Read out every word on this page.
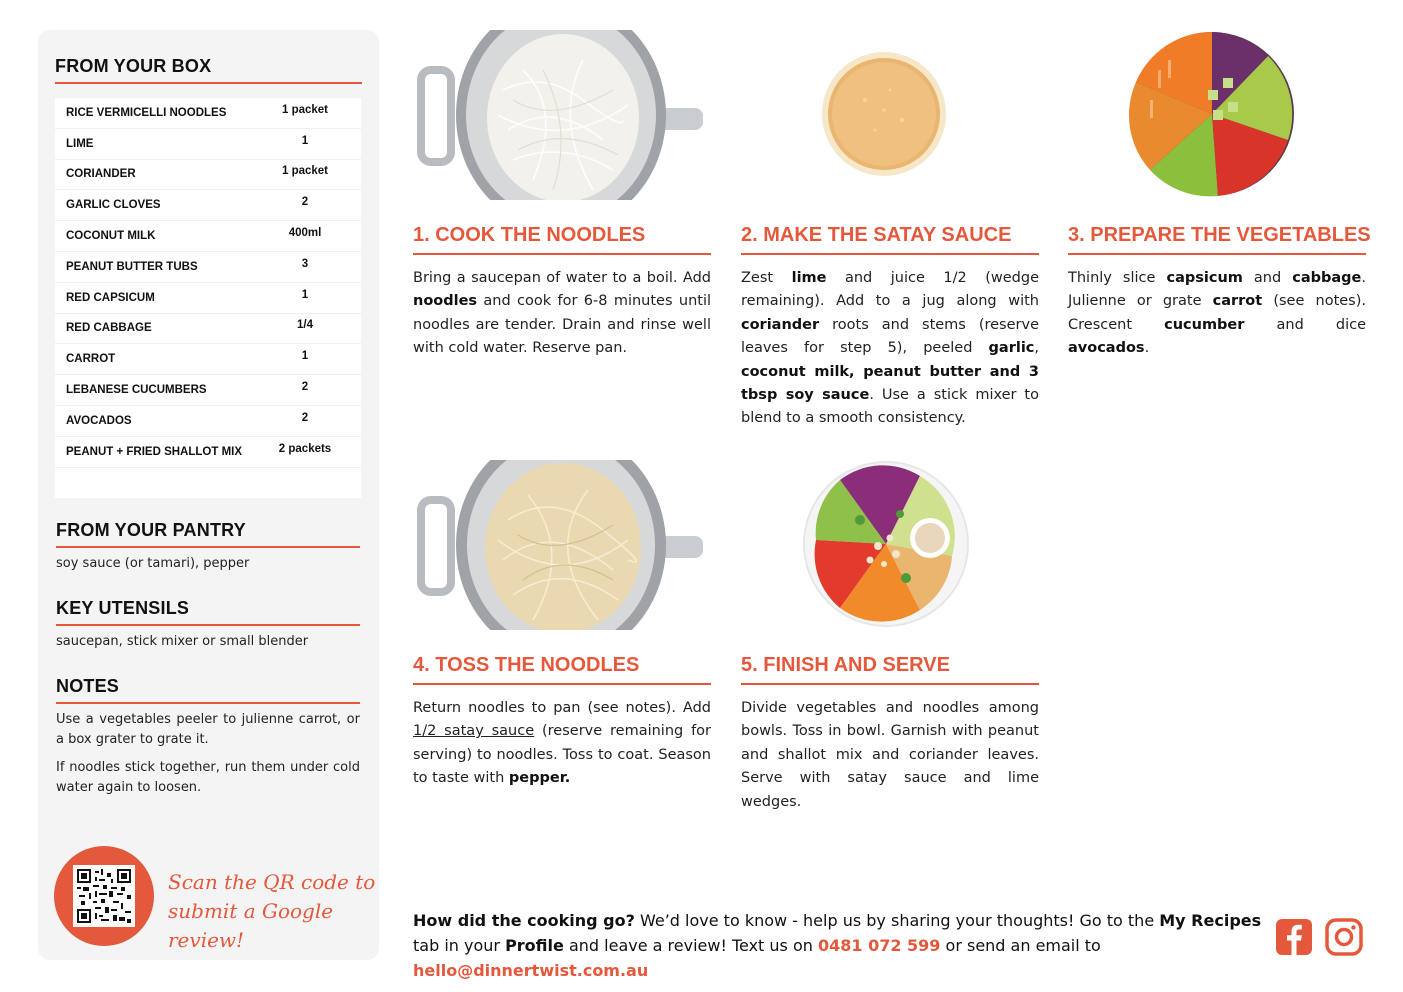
FROM YOUR BOX
RICE VERMICELLI NOODLES	1 packet
LIME	1
CORIANDER	1 packet
GARLIC CLOVES	2
COCONUT MILK	400ml
PEANUT BUTTER TUBS	3
RED CAPSICUM	1
RED CABBAGE	1/4
CARROT	1
LEBANESE CUCUMBERS	2
AVOCADOS	2
PEANUT + FRIED SHALLOT MIX	2 packets
FROM YOUR PANTRY
soy sauce (or tamari), pepper
KEY UTENSILS
saucepan, stick mixer or small blender
NOTES
Use a vegetables peeler to julienne carrot, or a box grater to grate it.
If noodles stick together, run them under cold water again to loosen.
Scan the QR code to
submit a Google review!
1. COOK THE NOODLES	2. MAKE THE SATAY SAUCE	3. PREPARE THE VEGETABLES
4. TOSS THE NOODLES	5. FINISH AND SERVE
Bring a saucepan of water to a boil. Add noodles and cook for 6-8 minutes until noodles are tender. Drain and rinse well with cold water. Reserve pan.
Zest lime and juice 1/2 (wedge remaining). Add to a jug along with coriander roots and stems (reserve leaves for step 5), peeled garlic, coconut milk, peanut butter and 3 tbsp soy sauce. Use a stick mixer to blend to a smooth consistency.
Thinly slice capsicum and cabbage. Julienne or grate carrot (see notes). Crescent cucumber and dice avocados.
Return noodles to pan (see notes). Add 1/2 satay sauce (reserve remaining for serving) to noodles. Toss to coat. Season to taste with pepper.
Divide vegetables and noodles among bowls. Toss in bowl. Garnish with peanut and shallot mix and coriander leaves. Serve with satay sauce and lime wedges.
How did the cooking go? We’d love to know - help us by sharing your thoughts! Go to the My Recipes tab in your Profile and leave a review! Text us on 0481 072 599 or send an email to hello@dinnertwist.com.au
